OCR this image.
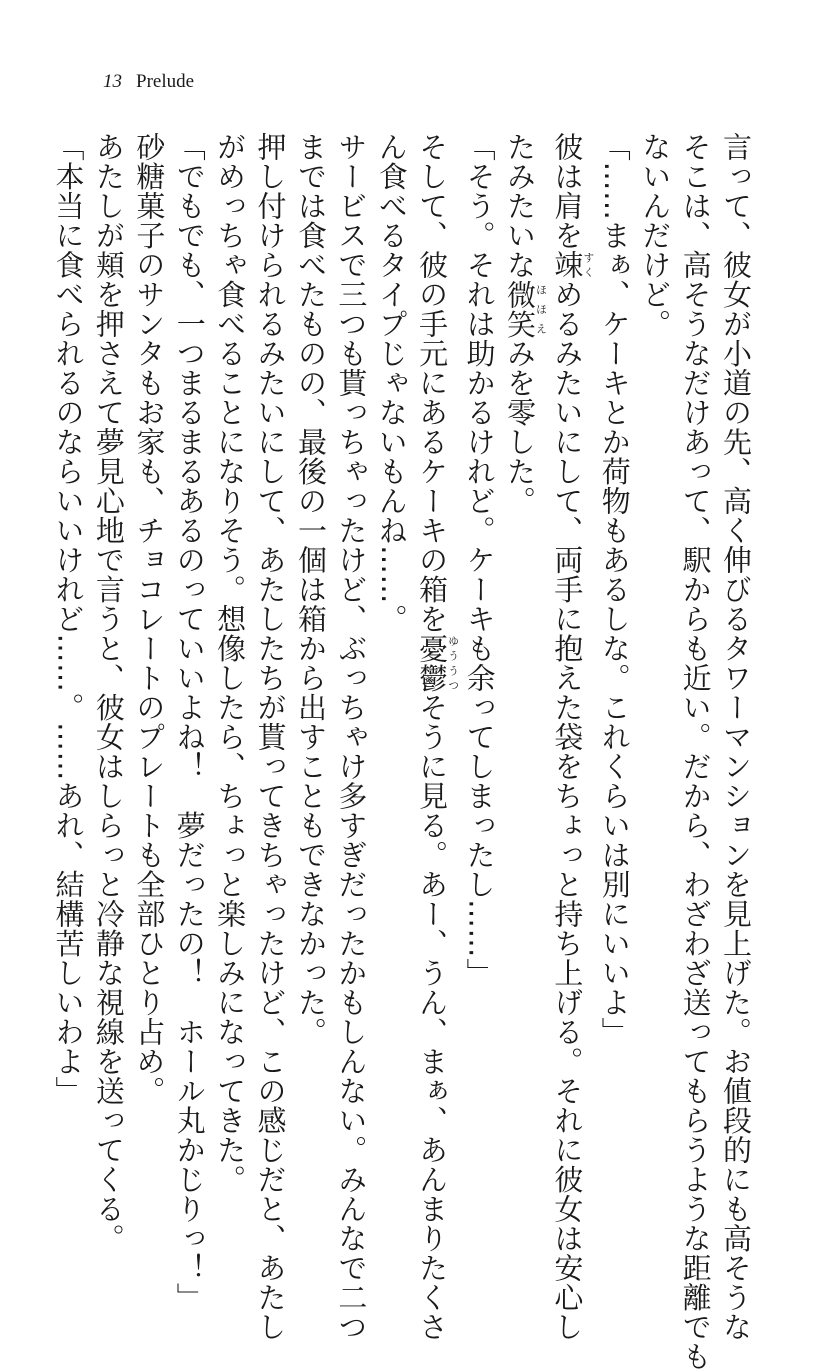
13 Prelude

言って、彼女が小道の先、高く伸びるタワーマンションを見上げた。お値段的にも高そうな

そこは、高そうなだけあって、駅からも近い。だから、わざわざ送ってもらうような距離でも

ないんだけど。

「……まぁ、ケーキとか荷物もあるしな。これくらいは別にいいよ」

彼は肩を竦すくめるみたいにして、両手に抱えた袋をちょっと持ち上げる。それに彼女は安心し

たみたいな微笑ほほえみを零した。

「そう。それは助かるけれど。ケーキも余ってしまったし……」

そして、彼の手元にあるケーキの箱を憂鬱ゆううつそうに見る。あー、うん、まぁ、あんまりたくさ

ん食べるタイプじゃないもんね……。

サービスで三つも貰っちゃったけど、ぶっちゃけ多すぎだったかもしんない。みんなで二つ

までは食べたものの、最後の一個は箱から出すこともできなかった。

押し付けられるみたいにして、あたしたちが貰ってきちゃったけど、この感じだと、あたし

がめっちゃ食べることになりそう。想像したら、ちょっと楽しみになってきた。

「でもでも、一つまるまるあるのっていいよね！　夢だったの！　ホール丸かじりっ！」

砂糖菓子のサンタもお家も、チョコレートのプレートも全部ひとり占め。

あたしが頬を押さえて夢見心地で言うと、彼女はしらっと冷静な視線を送ってくる。

「本当に食べられるのならいいけれど……。……あれ、結構苦しいわよ」
